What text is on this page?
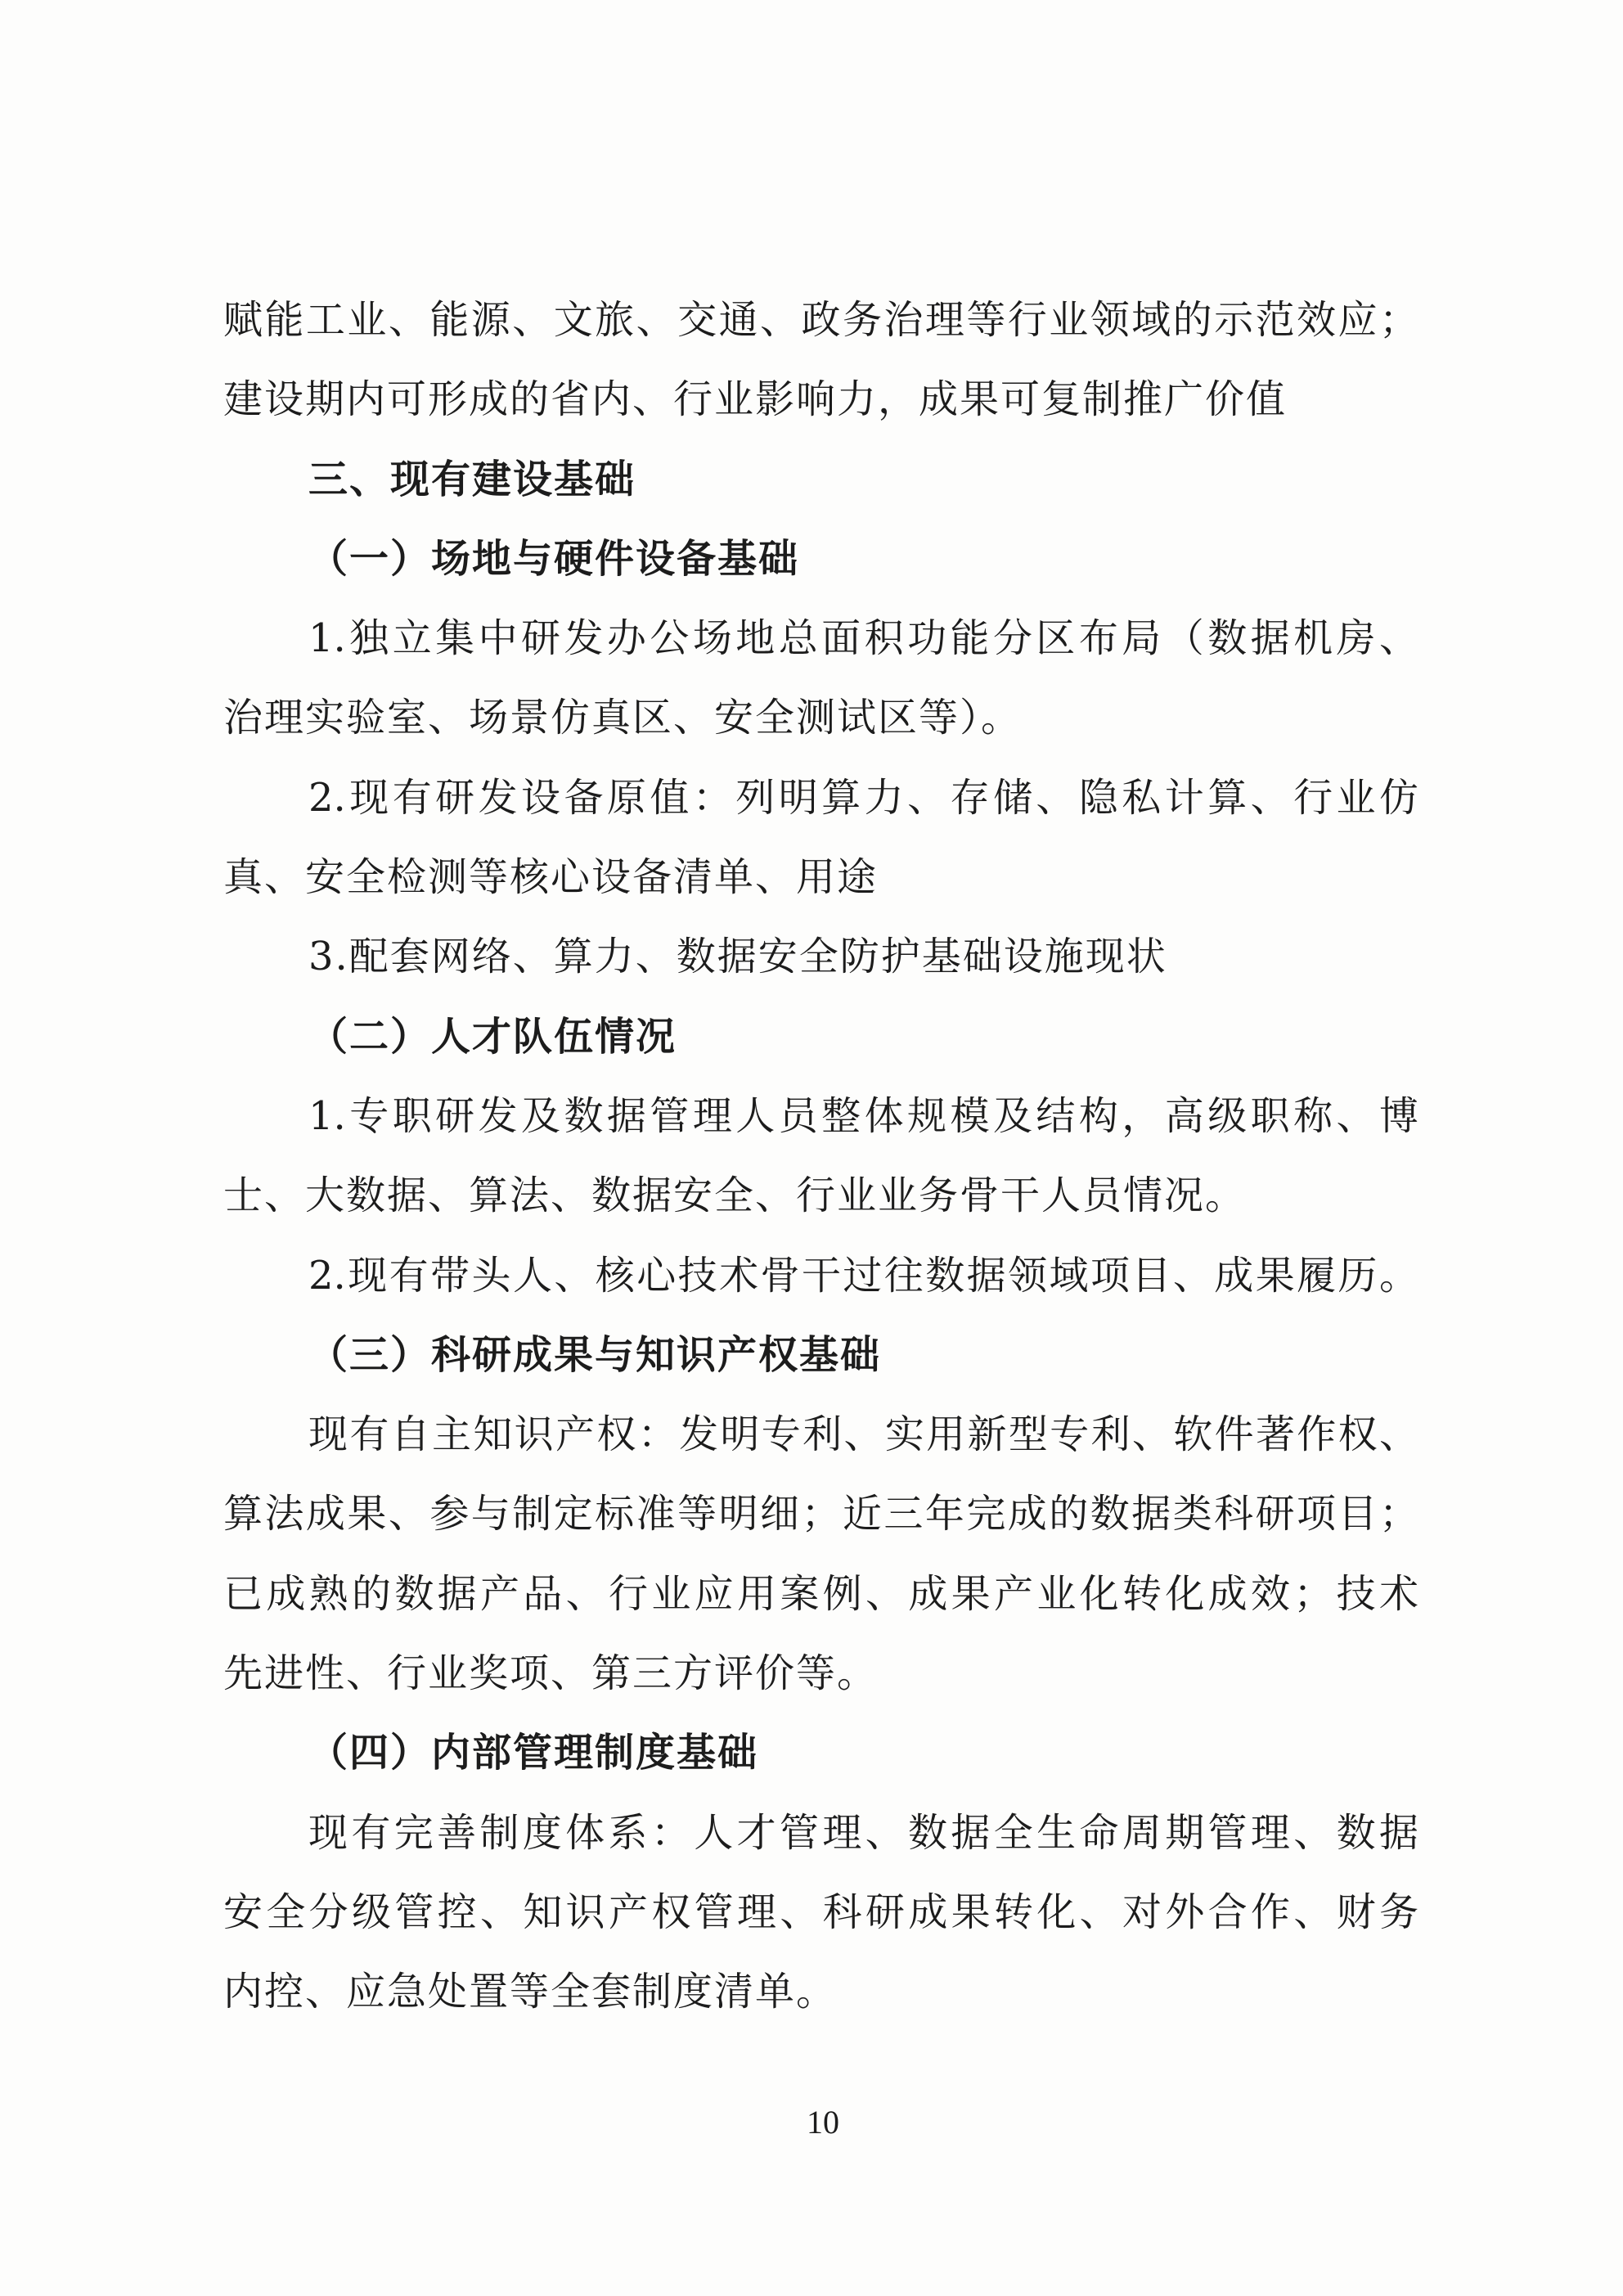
赋能工业、能源、文旅、交通、政务治理等行业领域的示范效应；
建设期内可形成的省内、行业影响力，成果可复制推广价值
三、现有建设基础
（一）场地与硬件设备基础
1.独立集中研发办公场地总面积功能分区布局（数据机房、
治理实验室、场景仿真区、安全测试区等）。
2.现有研发设备原值：列明算力、存储、隐私计算、行业仿
真、安全检测等核心设备清单、用途
3.配套网络、算力、数据安全防护基础设施现状
（二）人才队伍情况
1.专职研发及数据管理人员整体规模及结构，高级职称、博
士、大数据、算法、数据安全、行业业务骨干人员情况。
2.现有带头人、核心技术骨干过往数据领域项目、成果履历。
（三）科研成果与知识产权基础
现有自主知识产权：发明专利、实用新型专利、软件著作权、
算法成果、参与制定标准等明细；近三年完成的数据类科研项目；
已成熟的数据产品、行业应用案例、成果产业化转化成效；技术
先进性、行业奖项、第三方评价等。
（四）内部管理制度基础
现有完善制度体系：人才管理、数据全生命周期管理、数据
安全分级管控、知识产权管理、科研成果转化、对外合作、财务
内控、应急处置等全套制度清单。
10
